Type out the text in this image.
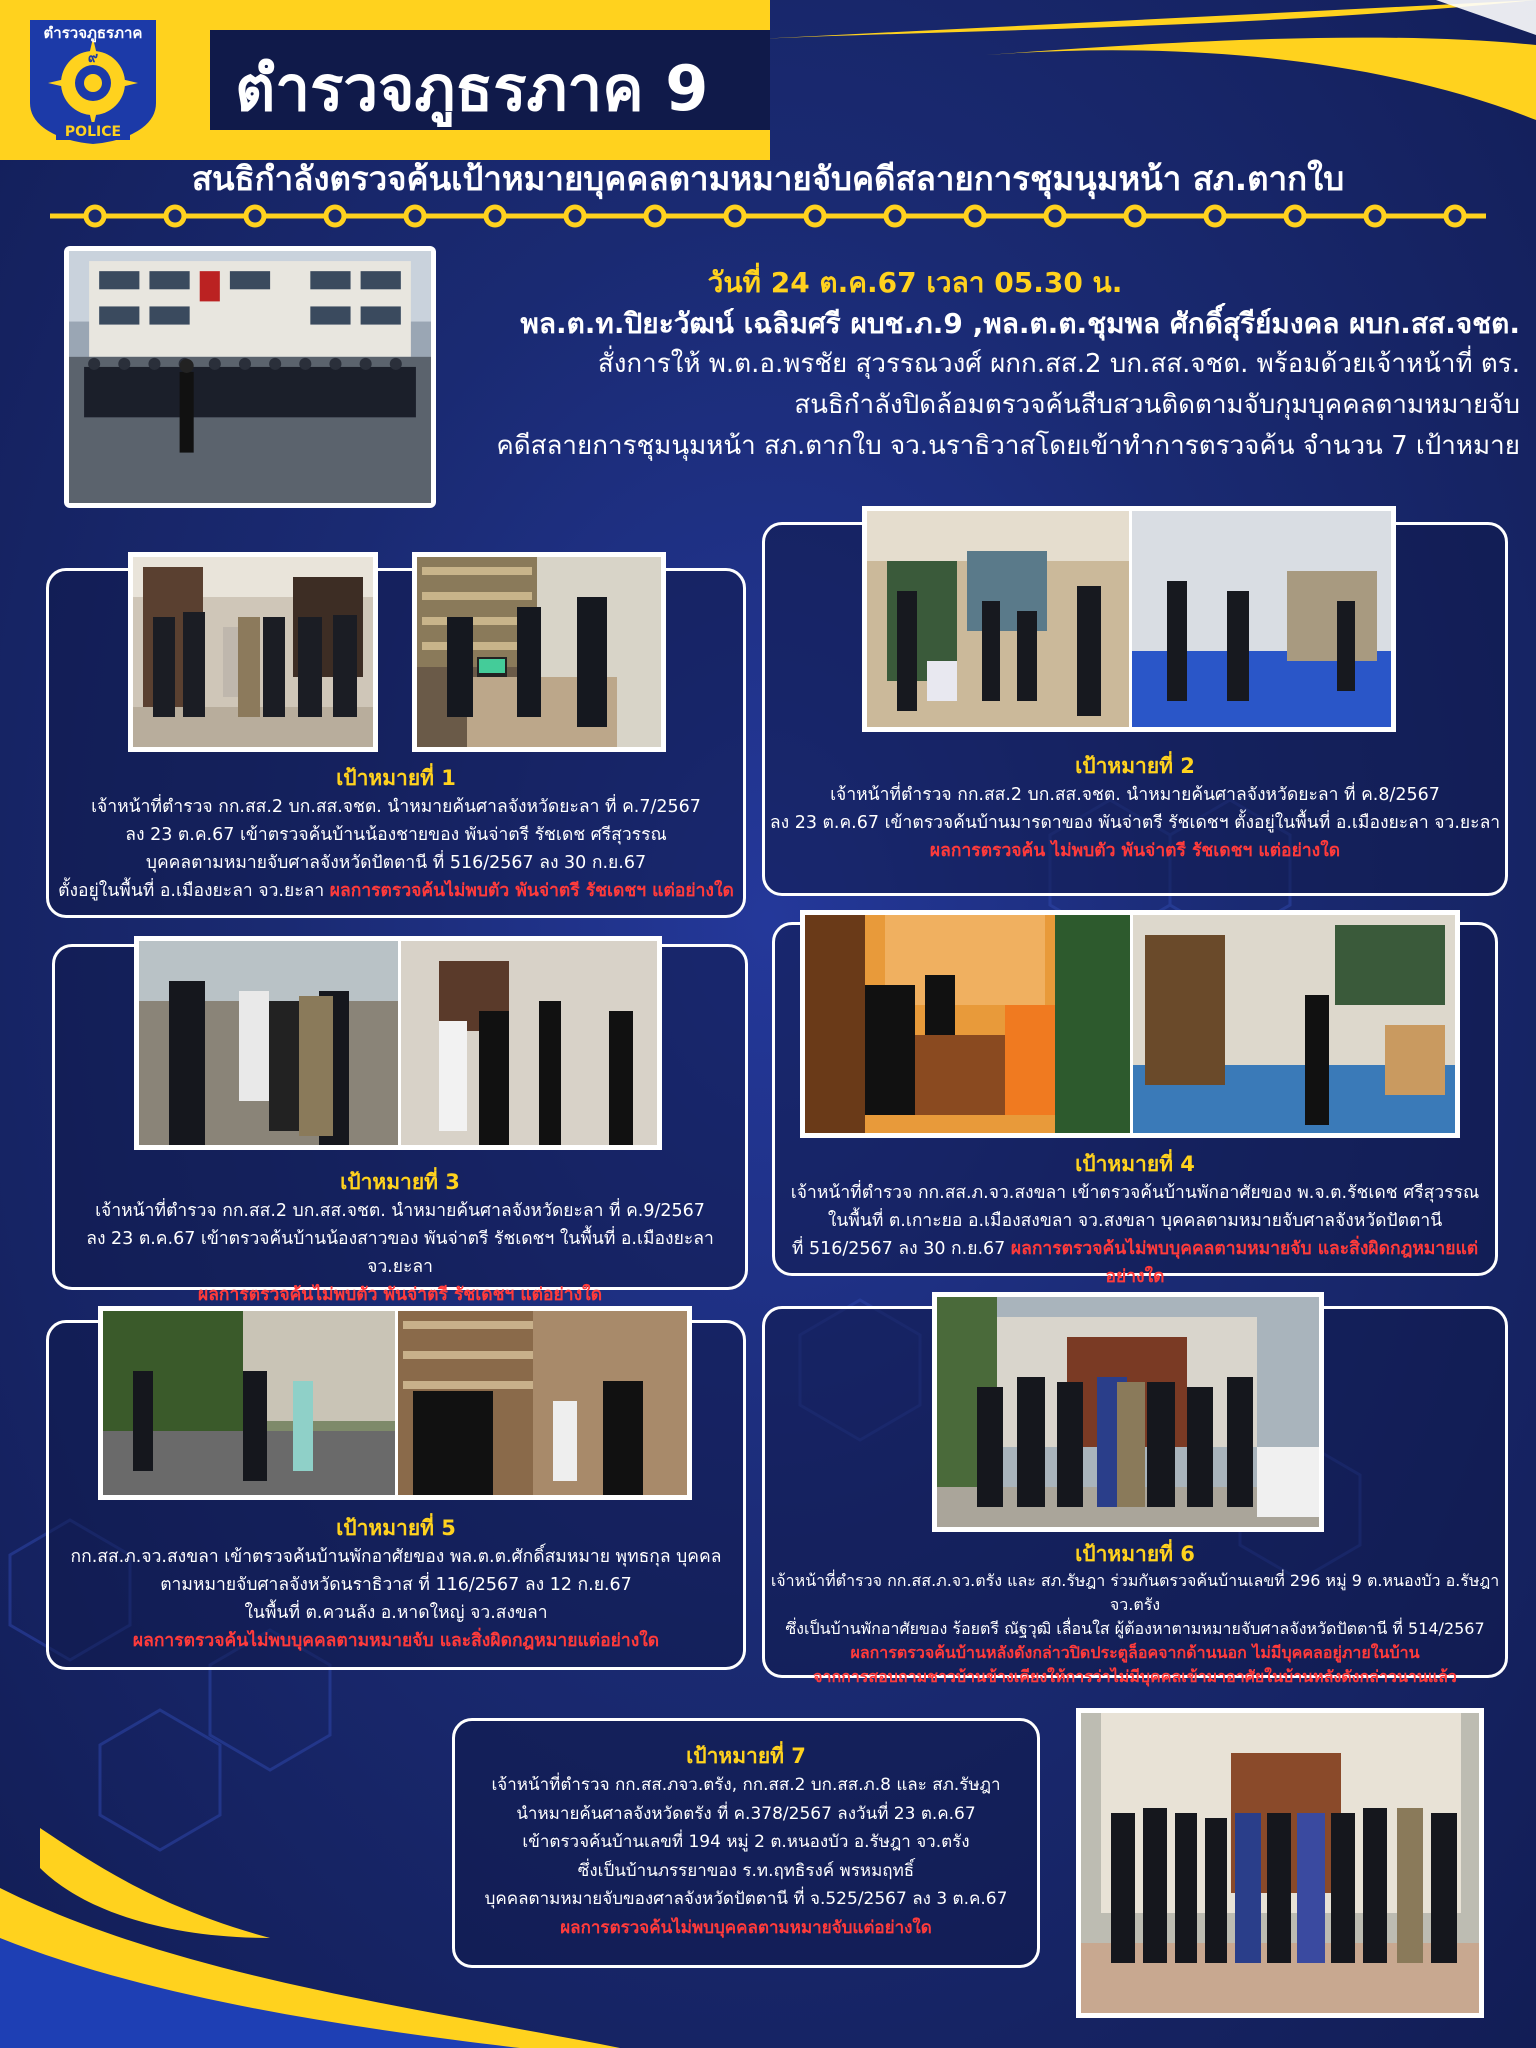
ตำรวจภูธรภาค 9
ตำรวจภูธรภาค
๙
POLICE
สนธิกำลังตรวจค้นเป้าหมายบุคคลตามหมายจับคดีสลายการชุมนุมหน้า สภ.ตากใบ
วันที่ 24 ต.ค.67 เวลา 05.30 น.
พล.ต.ท.ปิยะวัฒน์ เฉลิมศรี ผบช.ภ.9 ,พล.ต.ต.ชุมพล ศักดิ์สุรีย์มงคล ผบก.สส.จชต.
สั่งการให้ พ.ต.อ.พรชัย สุวรรณวงศ์ ผกก.สส.2 บก.สส.จชต. พร้อมด้วยเจ้าหน้าที่ ตร.
สนธิกำลังปิดล้อมตรวจค้นสืบสวนติดตามจับกุมบุคคลตามหมายจับ
คดีสลายการชุมนุมหน้า สภ.ตากใบ จว.นราธิวาสโดยเข้าทำการตรวจค้น จำนวน 7 เป้าหมาย
เป้าหมายที่ 1
เจ้าหน้าที่ตำรวจ กก.สส.2 บก.สส.จชต. นำหมายค้นศาลจังหวัดยะลา ที่ ค.7/2567
ลง 23 ต.ค.67 เข้าตรวจค้นบ้านน้องชายของ พันจ่าตรี รัชเดช ศรีสุวรรณ
บุคคลตามหมายจับศาลจังหวัดปัตตานี ที่ 516/2567 ลง 30 ก.ย.67
ตั้งอยู่ในพื้นที่ อ.เมืองยะลา จว.ยะลา ผลการตรวจค้นไม่พบตัว พันจ่าตรี รัชเดชฯ แต่อย่างใด
เป้าหมายที่ 2
เจ้าหน้าที่ตำรวจ กก.สส.2 บก.สส.จชต. นำหมายค้นศาลจังหวัดยะลา ที่ ค.8/2567
ลง 23 ต.ค.67 เข้าตรวจค้นบ้านมารดาของ พันจ่าตรี รัชเดชฯ ตั้งอยู่ในพื้นที่ อ.เมืองยะลา จว.ยะลา
ผลการตรวจค้น ไม่พบตัว พันจ่าตรี รัชเดชฯ แต่อย่างใด
เป้าหมายที่ 3
เจ้าหน้าที่ตำรวจ กก.สส.2 บก.สส.จชต. นำหมายค้นศาลจังหวัดยะลา ที่ ค.9/2567
ลง 23 ต.ค.67 เข้าตรวจค้นบ้านน้องสาวของ พันจ่าตรี รัชเดชฯ ในพื้นที่ อ.เมืองยะลา จว.ยะลา
ผลการตรวจค้นไม่พบตัว พันจ่าตรี รัชเดชฯ แต่อย่างใด
เป้าหมายที่ 4
เจ้าหน้าที่ตำรวจ กก.สส.ภ.จว.สงขลา เข้าตรวจค้นบ้านพักอาศัยของ พ.จ.ต.รัชเดช ศรีสุวรรณ
ในพื้นที่ ต.เกาะยอ อ.เมืองสงขลา จว.สงขลา บุคคลตามหมายจับศาลจังหวัดปัตตานี
ที่ 516/2567 ลง 30 ก.ย.67 ผลการตรวจค้นไม่พบบุคคลตามหมายจับ และสิ่งผิดกฎหมายแต่อย่างใด
เป้าหมายที่ 5
กก.สส.ภ.จว.สงขลา เข้าตรวจค้นบ้านพักอาศัยของ พล.ต.ต.ศักดิ์สมหมาย พุทธกุล บุคคล
ตามหมายจับศาลจังหวัดนราธิวาส ที่ 116/2567 ลง 12 ก.ย.67
ในพื้นที่ ต.ควนลัง อ.หาดใหญ่ จว.สงขลา
ผลการตรวจค้นไม่พบบุคคลตามหมายจับ และสิ่งผิดกฎหมายแต่อย่างใด
เป้าหมายที่ 6
เจ้าหน้าที่ตำรวจ กก.สส.ภ.จว.ตรัง และ สภ.รัษฎา ร่วมกันตรวจค้นบ้านเลขที่ 296 หมู่ 9 ต.หนองบัว อ.รัษฎา จว.ตรัง
ซึ่งเป็นบ้านพักอาศัยของ ร้อยตรี ณัฐวุฒิ เลื่อนใส ผู้ต้องหาตามหมายจับศาลจังหวัดปัตตานี ที่ 514/2567
ผลการตรวจค้นบ้านหลังดังกล่าวปิดประตูล็อคจากด้านนอก ไม่มีบุคคลอยู่ภายในบ้าน
จากการสอบถามชาวบ้านข้างเคียงให้การว่าไม่มีบุคคลเข้ามาอาศัยในบ้านหลังดังกล่าวนานแล้ว
เป้าหมายที่ 7
เจ้าหน้าที่ตำรวจ กก.สส.ภจว.ตรัง, กก.สส.2 บก.สส.ภ.8 และ สภ.รัษฎา
นำหมายค้นศาลจังหวัดตรัง ที่ ค.378/2567 ลงวันที่ 23 ต.ค.67
เข้าตรวจค้นบ้านเลขที่ 194 หมู่ 2 ต.หนองบัว อ.รัษฎา จว.ตรัง
ซึ่งเป็นบ้านภรรยาของ ร.ท.ฤทธิรงค์ พรหมฤทธิ์
บุคคลตามหมายจับของศาลจังหวัดปัตตานี ที่ จ.525/2567 ลง 3 ต.ค.67
ผลการตรวจค้นไม่พบบุคคลตามหมายจับแต่อย่างใด
